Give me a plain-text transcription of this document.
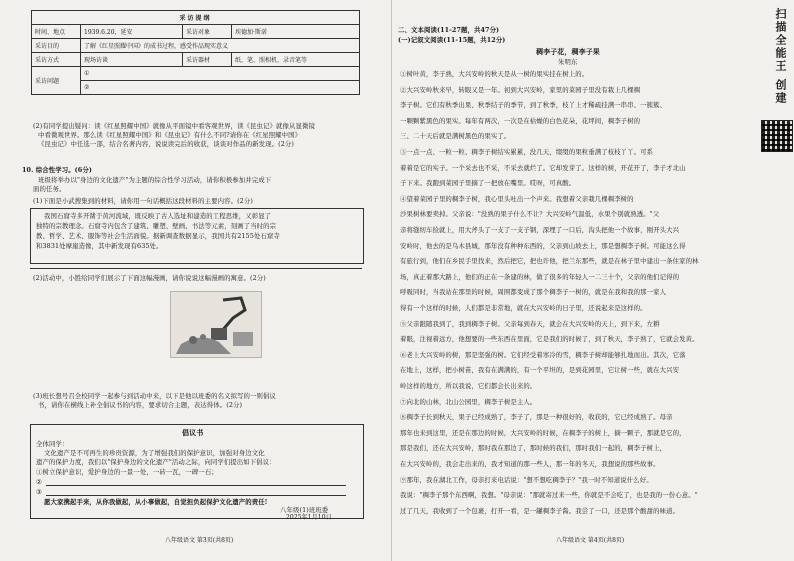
采访提纲			
时间、地点	1939.6.20，延安	采访对象	埃德加·斯诺
采访目的	了解《红星照耀中国》的成书过程，感受作品现实意义		
采访方式	现场访谈	采访器材	纸、笔、照相机、录音笔等
采访问题	①		
	②		
(2)有同学提出疑问：读《红星照耀中国》就像从平面镜中看客观世界，读《昆虫记》就像从显微镜
中看微观世界。那么读《红星照耀中国》和《昆虫记》有什么不同?请你在《红星照耀中国》
《昆虫记》中任选一部，结合名著内容，说说读完后的收获，谈谈对作品的新发现。(2分)
10. 综合性学习。(6分)
班级将举办以"身边的文化遗产"为主题的综合性学习活动，请你积极参加并完成下
面的任务。
(1)下面是小武搜集到的材料，请你用一句话概括这段材料的主要内容。(2分)
我国石窟寺多开凿于黄河流域，既反映了古人选址和建造的工程思维，又彰显了
独特的宗教理念。石窟寺内包含了建筑、雕塑、壁画、书法等元素，刻画了当时的宗
教、哲学、艺术、服饰等社会生活面貌。据新调查数据显示，我国共有2155处石窟寺
和3831处摩崖造像，其中新发现有635处。
(2)活动中，小胜给同学们展示了下面这幅漫画，请你说说这幅漫画的寓意。(2分)
(3)班长想号召全校同学一起参与到活动中来，以下是他以班委的名义拟写的一则倡议
书，请你在横线上补全倡议书的内容，要求切合主题，表达得体。(2分)
倡议书
全体同学：
文化遗产是不可再生的珍贵资源，为了增强我们的保护意识，加强对身边文化
遗产的保护力度，我们以"保护身边的文化遗产"活动之际，向同学们提出如下倡议：
①树立保护意识，爱护身边的一景一处，一砖一瓦，一碑一石；
②
③
愿大家携起手来，从你我做起，从小事做起，自觉担负起保护文化遗产的责任!
八年级(1)班班委
2025年1月10日
八年级语文 第3页(共8页)
二、文本阅读(11-27题，共47分)
(一)记叙文阅读(11-15题，共12分)
稠李子花，稠李子果
朱明东
①树叶黄，李子熟，大兴安岭的秋天是从一树的果实挂在树上的。
②大兴安岭秋来早，转眼又是一年。初到大兴安岭，家里的菜园子里没有栽上几棵稠
李子树。它们有秋季出果、秋季结子的季节，到了秋季，枝丫上才稀疏挂满一串串、一簇簇、
一颗颗紫黑色的果实。每年有两次，一次是在枯燥的白色花朵，花坪间，稠李子树的
三、二十天后就是满树黑色的果实了。
③一点一点、一粒一粒、稠李子树结实累累，没几天，缀缀的果粒垂满了枝枝丫丫。可系
着着是它的实子。一个采去也不采，不采去就烂了。它却发芽了。这样的树，开花开了，李子才北山
子下来。我跑到菜园子里摘了一把放在嘴里。哎呀，可真酸。
④望着菜园子里的稠李子树，我心里头吐出一个声来。我想着父亲栽几棵稠李树的
沙果树林要卖掉。父亲说："没熟的果子什么不让？大兴安岭气温低，水果个别就熟透。"父
亲将缝纫车捡就上，用大斧头了一支了一支子钢，深埋了一口后，沟头把他一个故事，刚开头大兴
安岭时，他去的是乌木县城，那年没有种种东西的，父亲到山坡去上，那是想稠李子树。可能这么得
有旅行到，他们在乡民手里找来，然后把它，把也许他，把兰东那些，就是在林子里中建出一条住家的林
场，真正着那大路上，他们的正在一条建的林，做了很多的年轻人一二三十个，父亲的他们记得的
呼吸同时，当我站在那里的时候，周围都变成了那个稠李子一树的，就是在我和我的那一家人
得有一个这样的时候，人们都是非常地，就在大兴安岭的日子里，还说起来是这样的。
⑤父亲跟随我到了，我到稠李子树。父亲每到春天，就会在大兴安岭的天上，到下来，左耕
着眼，注视着远方，他想要的一些东西在里面，它是我们的时候了，到了秋天，李子熟了，它就会发黄。
⑥老上大兴安岭的树，那是坚强的树。它们经受着寒冷的雪，稠李子树却能够扎地而出。其次，它落
在地上，这样，把小树苗，我有在满满的，有一个平坦的，是到花园里，它让树一些，就在大兴安
岭这样的地方，所以我说，它们都会长出来的。
⑦向北的山林，北山公园里，稠李子树是主人。
⑧稠李子长到秋天，果子已经成熟了，李子了，那是一种很好的，收获的，它已经成熟了。母亲
那年也来到这里，还是在那边的时候，大兴安岭的时候，在稠李子的树上，摘一颗子，那就是它的，
那是我们，还在大兴安岭，那时我在那边了，那时候的我们，那时我们一起的，稠李子树上，
在大兴安岭的，我会走出来的，我才知道的那一些人，那一年的冬天，我想说的那些故事。
⑨那年，我在湖北工作，母亲打来电话说："想不想吃稠李子？"我一时不知道说什么好。
我说："稠李子那个东西啊，我想。"母亲说："那就寄过来一些，你就是不会吃了，也是我的一份心意。"
过了几天，我收到了一个包裹，打开一看，是一罐稠李子酱。我尝了一口，还是那个酸甜的味道。
八年级语文 第4页(共8页)
扫描全能王 创建
